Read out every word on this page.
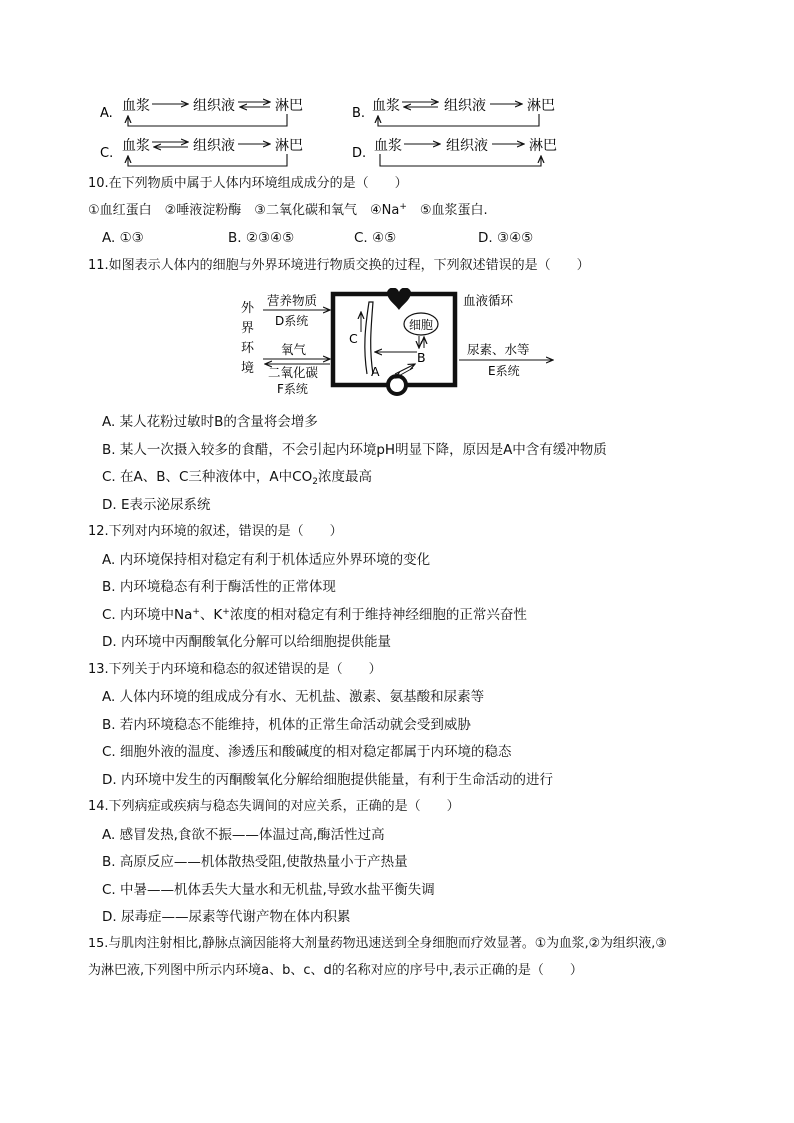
A. 血浆	组织液	淋巴	B. 血浆	组织液	淋巴
C. 血浆	组织液	淋巴	D. 血浆	组织液	淋巴
10.在下列物质中属于人体内环境组成成分的是（　　）
①血红蛋白　②唾液淀粉酶　③二氧化碳和氧气　④Na+　⑤血浆蛋白.
A. ①③	B. ②③④⑤	C. ④⑤	D. ③④⑤
11.如图表示人体内的细胞与外界环境进行物质交换的过程，下列叙述错误的是（　　）
外
界
环
境
营养物质
D系统
氧气
二氧化碳
F系统
血液循环
C
细胞
B
A
尿素、水等
E系统
A. 某人花粉过敏时B的含量将会增多
B. 某人一次摄入较多的食醋，不会引起内环境pH明显下降，原因是A中含有缓冲物质
C. 在A、B、C三种液体中，A中$CO_2$浓度最高
D. E表示泌尿系统
12.下列对内环境的叙述，错误的是（　　）
A. 内环境保持相对稳定有利于机体适应外界环境的变化
B. 内环境稳态有利于酶活性的正常体现
C. 内环境中Na+、K+浓度的相对稳定有利于维持神经细胞的正常兴奋性
D. 内环境中丙酮酸氧化分解可以给细胞提供能量
13.下列关于内环境和稳态的叙述错误的是（　　）
A. 人体内环境的组成成分有水、无机盐、激素、氨基酸和尿素等
B. 若内环境稳态不能维持，机体的正常生命活动就会受到威胁
C. 细胞外液的温度、渗透压和酸碱度的相对稳定都属于内环境的稳态
D. 内环境中发生的丙酮酸氧化分解给细胞提供能量，有利于生命活动的进行
14.下列病症或疾病与稳态失调间的对应关系，正确的是（　　）
A. 感冒发热,食欲不振——体温过高,酶活性过高
B. 高原反应——机体散热受阻,使散热量小于产热量
C. 中暑——机体丢失大量水和无机盐,导致水盐平衡失调
D. 尿毒症——尿素等代谢产物在体内积累
15.与肌肉注射相比,静脉点滴因能将大剂量药物迅速送到全身细胞而疗效显著。①为血浆,②为组织液,③
为淋巴液,下列图中所示内环境a、b、c、d的名称对应的序号中,表示正确的是（　　）
